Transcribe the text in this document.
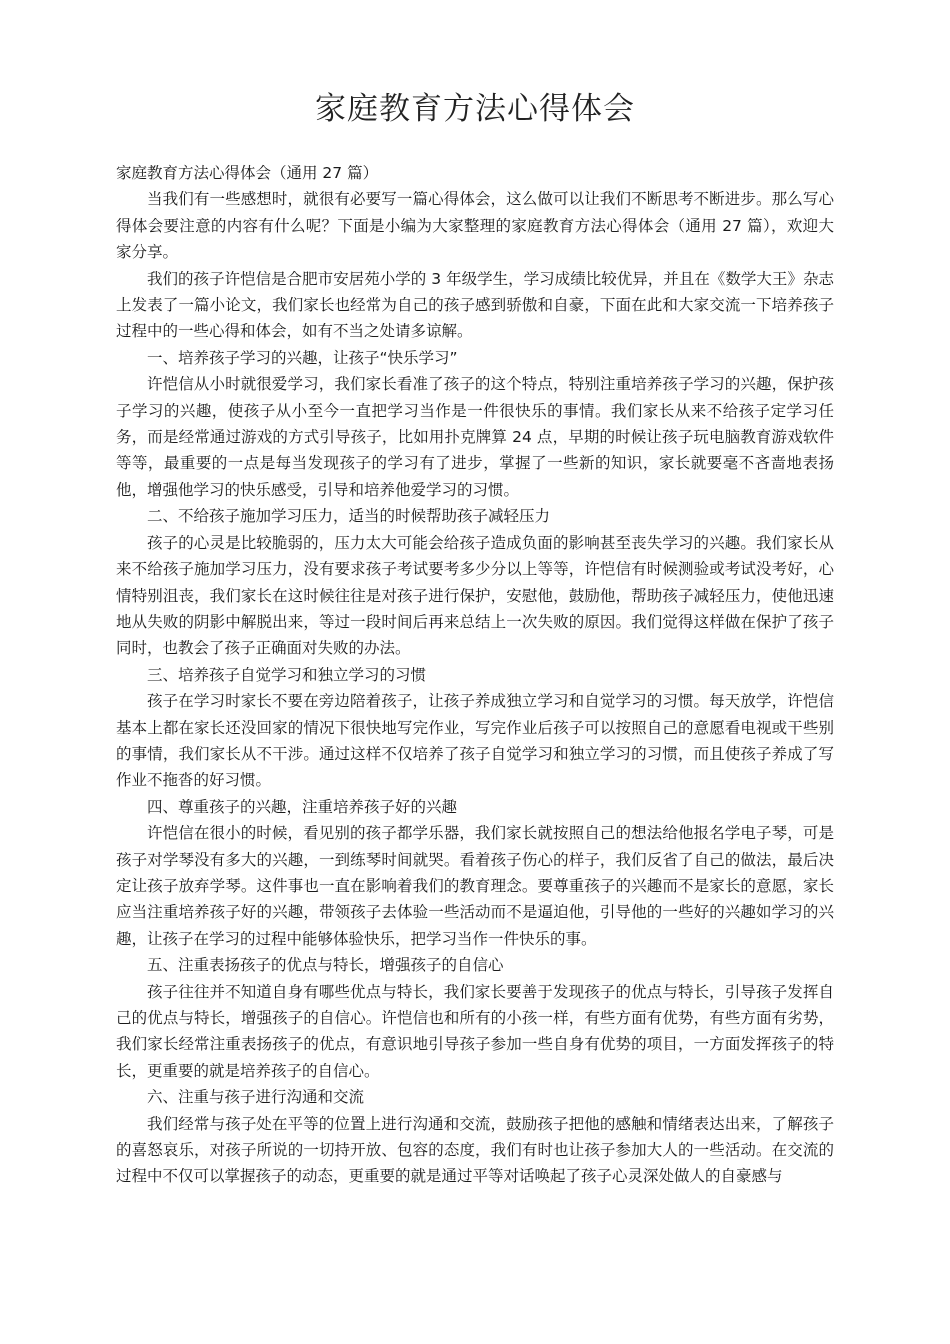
家庭教育方法心得体会

家庭教育方法心得体会（通用 27 篇）

当我们有一些感想时，就很有必要写一篇心得体会，这么做可以让我们不断思考不断进步。那么写心得体会要注意的内容有什么呢？下面是小编为大家整理的家庭教育方法心得体会（通用 27 篇），欢迎大家分享。

我们的孩子许恺信是合肥市安居苑小学的 3 年级学生，学习成绩比较优异，并且在《数学大王》杂志上发表了一篇小论文，我们家长也经常为自己的孩子感到骄傲和自豪，下面在此和大家交流一下培养孩子过程中的一些心得和体会，如有不当之处请多谅解。

一、培养孩子学习的兴趣，让孩子“快乐学习”

许恺信从小时就很爱学习，我们家长看准了孩子的这个特点，特别注重培养孩子学习的兴趣，保护孩子学习的兴趣，使孩子从小至今一直把学习当作是一件很快乐的事情。我们家长从来不给孩子定学习任务，而是经常通过游戏的方式引导孩子，比如用扑克牌算 24 点，早期的时候让孩子玩电脑教育游戏软件等等，最重要的一点是每当发现孩子的学习有了进步，掌握了一些新的知识，家长就要毫不吝啬地表扬他，增强他学习的快乐感受，引导和培养他爱学习的习惯。

二、不给孩子施加学习压力，适当的时候帮助孩子减轻压力

孩子的心灵是比较脆弱的，压力太大可能会给孩子造成负面的影响甚至丧失学习的兴趣。我们家长从来不给孩子施加学习压力，没有要求孩子考试要考多少分以上等等，许恺信有时候测验或考试没考好，心情特别沮丧，我们家长在这时候往往是对孩子进行保护，安慰他，鼓励他，帮助孩子减轻压力，使他迅速地从失败的阴影中解脱出来，等过一段时间后再来总结上一次失败的原因。我们觉得这样做在保护了孩子同时，也教会了孩子正确面对失败的办法。

三、培养孩子自觉学习和独立学习的习惯

孩子在学习时家长不要在旁边陪着孩子，让孩子养成独立学习和自觉学习的习惯。每天放学，许恺信基本上都在家长还没回家的情况下很快地写完作业，写完作业后孩子可以按照自己的意愿看电视或干些别的事情，我们家长从不干涉。通过这样不仅培养了孩子自觉学习和独立学习的习惯，而且使孩子养成了写作业不拖沓的好习惯。

四、尊重孩子的兴趣，注重培养孩子好的兴趣

许恺信在很小的时候，看见别的孩子都学乐器，我们家长就按照自己的想法给他报名学电子琴，可是孩子对学琴没有多大的兴趣，一到练琴时间就哭。看着孩子伤心的样子，我们反省了自己的做法，最后决定让孩子放弃学琴。这件事也一直在影响着我们的教育理念。要尊重孩子的兴趣而不是家长的意愿，家长应当注重培养孩子好的兴趣，带领孩子去体验一些活动而不是逼迫他，引导他的一些好的兴趣如学习的兴趣，让孩子在学习的过程中能够体验快乐，把学习当作一件快乐的事。

五、注重表扬孩子的优点与特长，增强孩子的自信心

孩子往往并不知道自身有哪些优点与特长，我们家长要善于发现孩子的优点与特长，引导孩子发挥自己的优点与特长，增强孩子的自信心。许恺信也和所有的小孩一样，有些方面有优势，有些方面有劣势，我们家长经常注重表扬孩子的优点，有意识地引导孩子参加一些自身有优势的项目，一方面发挥孩子的特长，更重要的就是培养孩子的自信心。

六、注重与孩子进行沟通和交流

我们经常与孩子处在平等的位置上进行沟通和交流，鼓励孩子把他的感触和情绪表达出来，了解孩子的喜怒哀乐，对孩子所说的一切持开放、包容的态度，我们有时也让孩子参加大人的一些活动。在交流的过程中不仅可以掌握孩子的动态，更重要的就是通过平等对话唤起了孩子心灵深处做人的自豪感与
